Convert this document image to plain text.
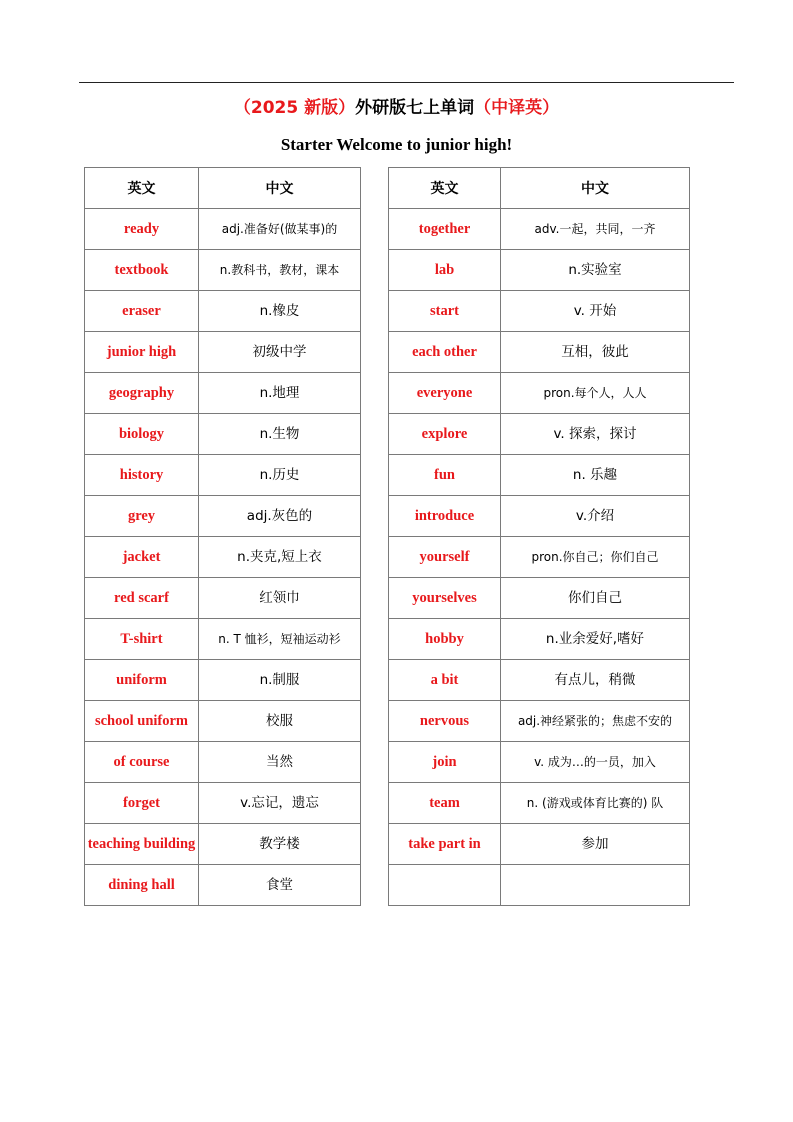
（2025 新版）外研版七上单词（中译英）
Starter Welcome to junior high!
英文	中文
ready	adj.准备好(做某事)的
textbook	n.教科书，教材，课本
eraser	n.橡皮
junior high	初级中学
geography	n.地理
biology	n.生物
history	n.历史
grey	adj.灰色的
jacket	n.夹克,短上衣
red scarf	红领巾
T-shirt	n. T 恤衫，短袖运动衫
uniform	n.制服
school uniform	校服
of course	当然
forget	v.忘记，遗忘
teaching building	教学楼
dining hall	食堂
英文	中文
together	adv.一起，共同，一齐
lab	n.实验室
start	v. 开始
each other	互相，彼此
everyone	pron.每个人，人人
explore	v. 探索，探讨
fun	n. 乐趣
introduce	v.介绍
yourself	pron.你自己；你们自己
yourselves	你们自己
hobby	n.业余爱好,嗜好
a bit	有点儿，稍微
nervous	adj.神经紧张的；焦虑不安的
join	v. 成为…的一员，加入
team	n. (游戏或体育比赛的) 队
take part in	参加
